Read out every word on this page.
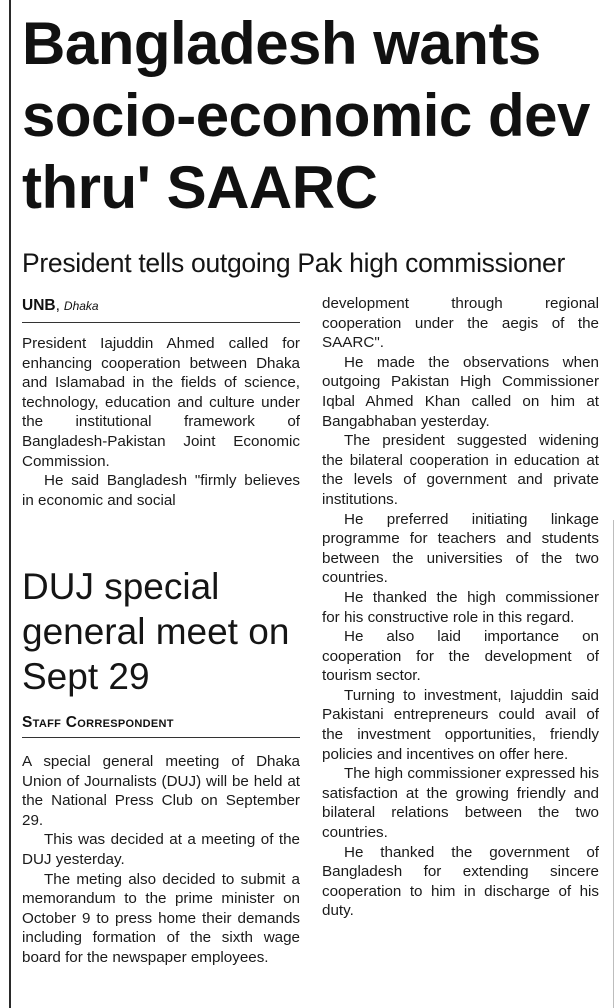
Bangladesh wants socio-economic dev thru' SAARC
President tells outgoing Pak high commissioner
UNB, Dhaka

President Iajuddin Ahmed called for enhancing cooperation between Dhaka and Islamabad in the fields of science, technology, education and culture under the institutional framework of Bangladesh-Pakistan Joint Economic Commission.

He said Bangladesh "firmly believes in economic and social

development through regional cooperation under the aegis of the SAARC".

He made the observations when outgoing Pakistan High Commissioner Iqbal Ahmed Khan called on him at Bangabhaban yesterday.

The president suggested widening the bilateral cooperation in education at the levels of government and private institutions.

He preferred initiating linkage programme for teachers and students between the universities of the two countries.

He thanked the high commissioner for his constructive role in this regard.

He also laid importance on cooperation for the development of tourism sector.

Turning to investment, Iajuddin said Pakistani entrepreneurs could avail of the investment opportunities, friendly policies and incentives on offer here.

The high commissioner expressed his satisfaction at the growing friendly and bilateral relations between the two countries.

He thanked the government of Bangladesh for extending sincere cooperation to him in discharge of his duty.

DUJ special general meet on Sept 29
Staff Correspondent

A special general meeting of Dhaka Union of Journalists (DUJ) will be held at the National Press Club on September 29.

This was decided at a meeting of the DUJ yesterday.

The meting also decided to submit a memorandum to the prime minister on October 9 to press home their demands including formation of the sixth wage board for the newspaper employees.
